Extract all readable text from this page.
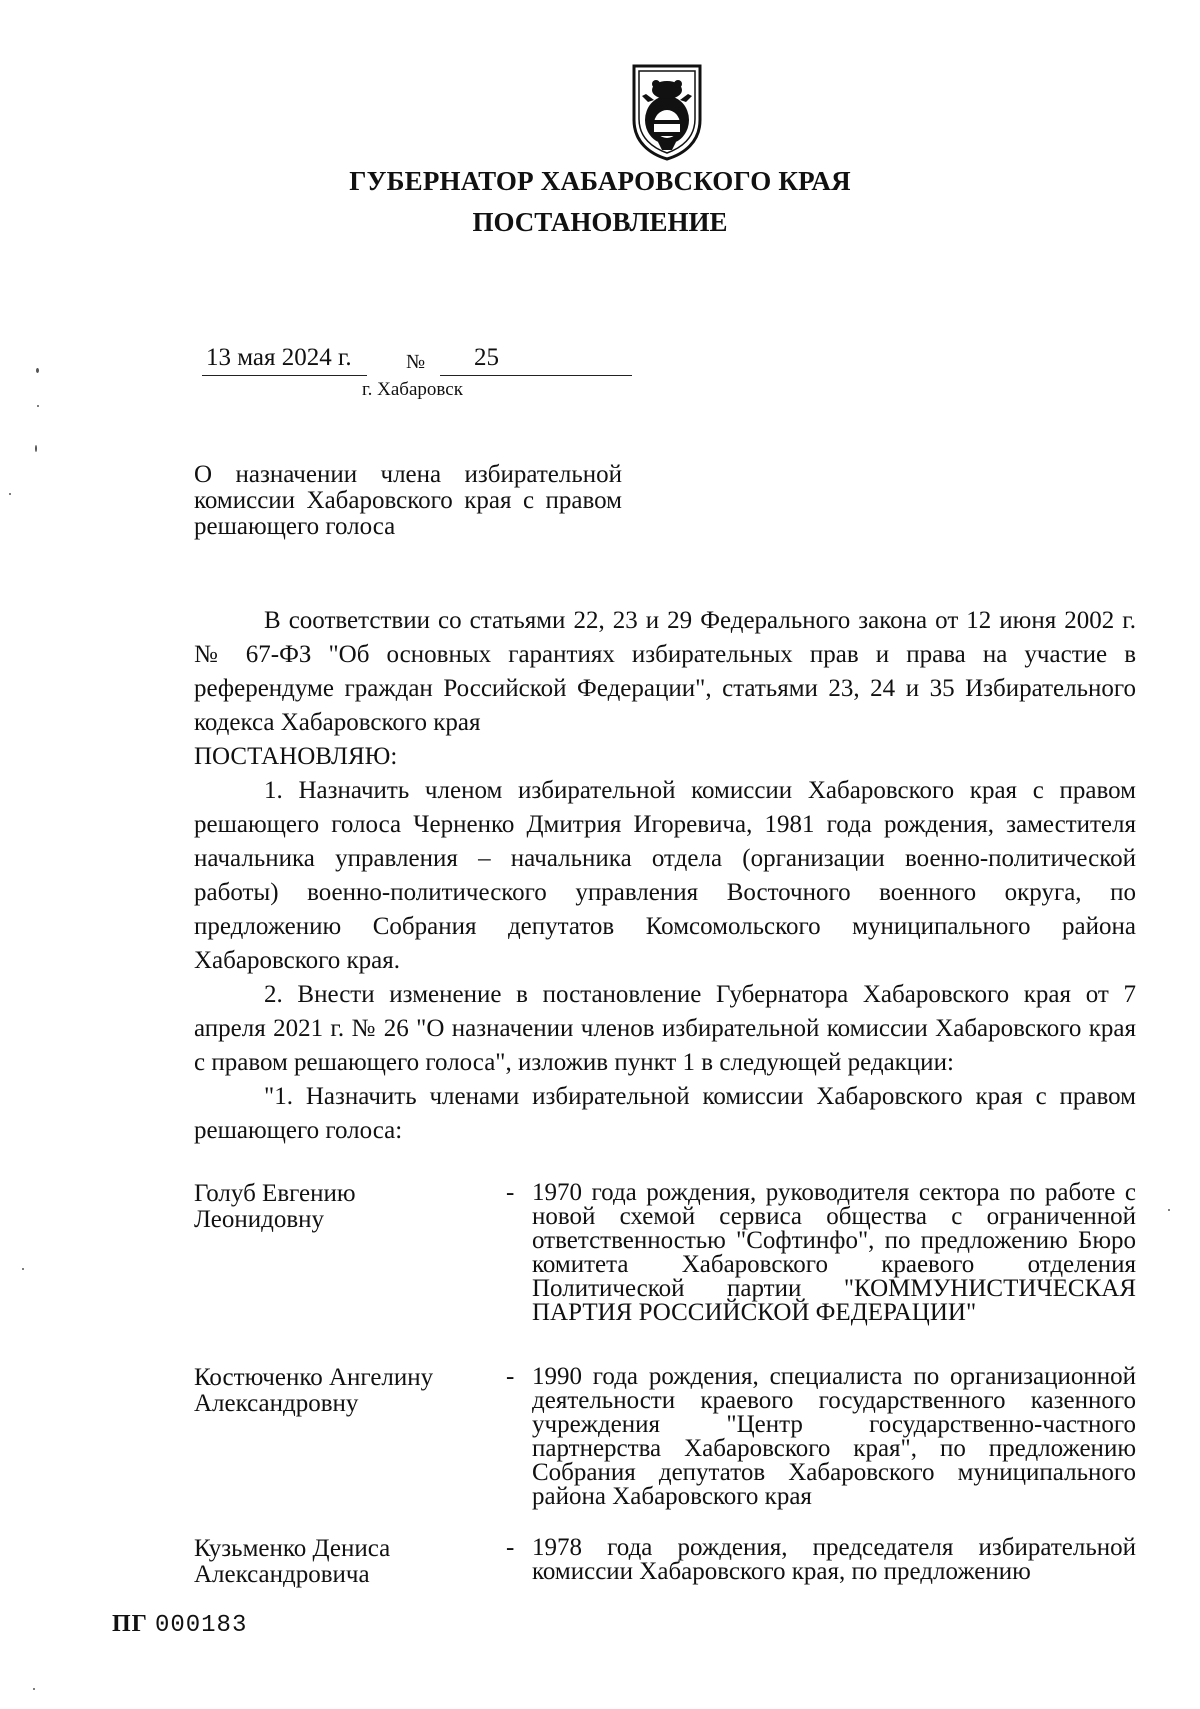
ГУБЕРНАТОР ХАБАРОВСКОГО КРАЯ
ПОСТАНОВЛЕНИЕ
13 мая 2024 г.	№ 25
г. Хабаровск
О назначении члена избирательной комиссии Хабаровского края с правом решающего голоса

В соответствии со статьями 22, 23 и 29 Федерального закона от 12 июня 2002 г. № 67-ФЗ "Об основных гарантиях избирательных прав и права на участие в референдуме граждан Российской Федерации", статьями 23, 24 и 35 Избирательного кодекса Хабаровского края

ПОСТАНОВЛЯЮ:

1. Назначить членом избирательной комиссии Хабаровского края с правом решающего голоса Черненко Дмитрия Игоревича, 1981 года рождения, заместителя начальника управления – начальника отдела (организации военно-политической работы) военно-политического управления Восточного военного округа, по предложению Собрания депутатов Комсомольского муниципального района Хабаровского края.

2. Внести изменение в постановление Губернатора Хабаровского края от 7 апреля 2021 г. № 26 "О назначении членов избирательной комиссии Хабаровского края с правом решающего голоса", изложив пункт 1 в следующей редакции:

"1. Назначить членами избирательной комиссии Хабаровского края с правом решающего голоса:

Голуб Евгению
Леонидовну
- 1970 года рождения, руководителя сектора по работе с новой схемой сервиса общества с ограниченной ответственностью "Софтинфо", по предложению Бюро комитета Хабаровского краевого отделения Политической партии "КОММУНИСТИЧЕСКАЯ ПАРТИЯ РОССИЙСКОЙ ФЕДЕРАЦИИ"
Костюченко Ангелину
Александровну
- 1990 года рождения, специалиста по организационной деятельности краевого государственного казенного учреждения "Центр государственно-частного партнерства Хабаровского края", по предложению Собрания депутатов Хабаровского муниципального района Хабаровского края
Кузьменко Дениса
Александровича
- 1978 года рождения, председателя избирательной комиссии Хабаровского края, по предложению
ПГ 000183
